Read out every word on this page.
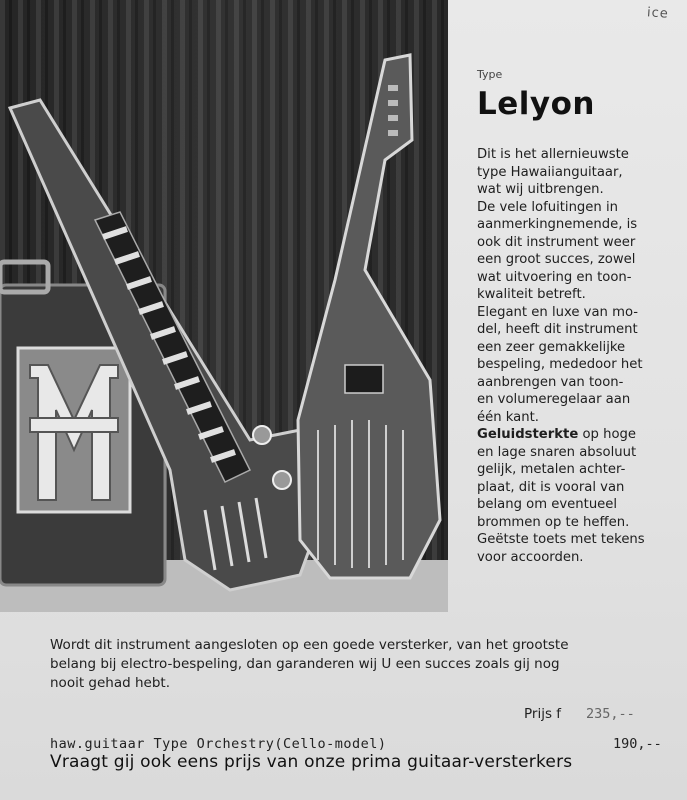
ice
Type
Lelyon
Dit is het allernieuwste
type Hawaiianguitaar,
wat wij uitbrengen.
De vele lofuitingen in
aanmerkingnemende, is
ook dit instrument weer
een groot succes, zowel
wat uitvoering en toon-
kwaliteit betreft.
Elegant en luxe van mo-
del, heeft dit instrument
een zeer gemakkelijke
bespeling, mededoor het
aanbrengen van toon-
en volumeregelaar aan
één kant.
Geluidsterkte op hoge
en lage snaren absoluut
gelijk, metalen achter-
plaat, dit is vooral van
belang om eventueel
brommen op te heffen.
Geëtste toets met tekens
voor accoorden.
Wordt dit instrument aangesloten op een goede versterker, van het grootste
belang bij electro-bespeling, dan garanderen wij U een succes zoals gij nog
nooit gehad hebt.
Prijs f 235,--
haw.guitaar Type Orchestry(Cello-model)	190,--
Vraagt gij ook eens prijs van onze prima guitaar-versterkers
